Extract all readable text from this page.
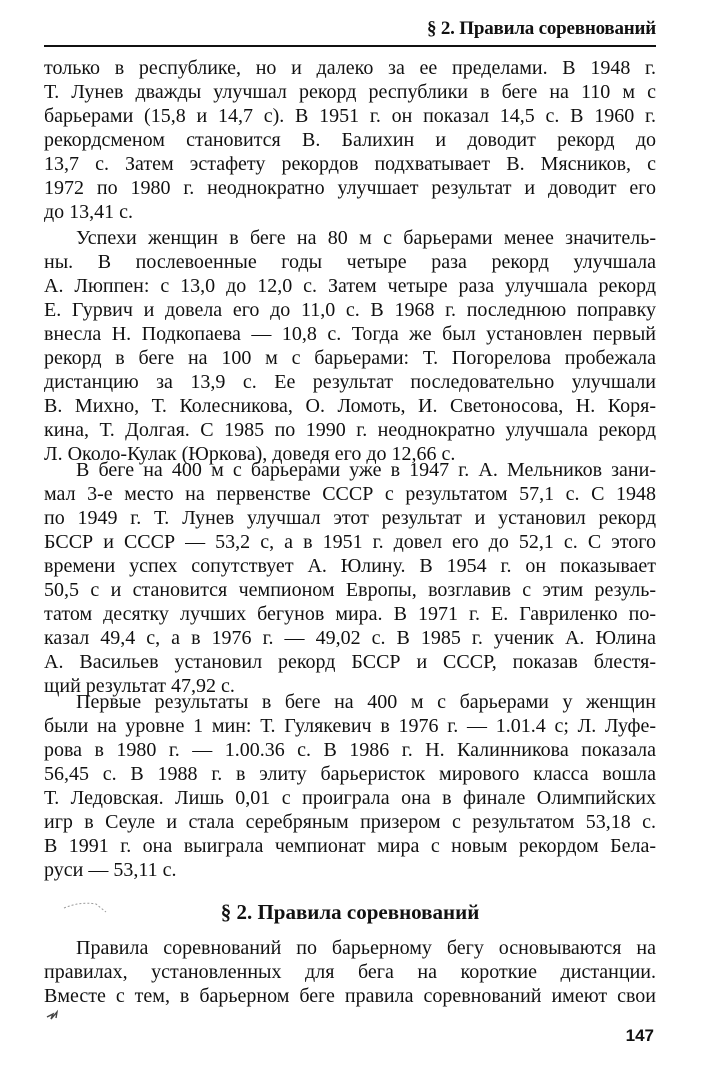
§ 2. Правила соревнований
только в республике, но и далеко за ее пределами. В 1948 г.
Т. Лунев дважды улучшал рекорд республики в беге на 110 м с
барьерами (15,8 и 14,7 с). В 1951 г. он показал 14,5 с. В 1960 г.
рекордсменом становится В. Балихин и доводит рекорд до
13,7 с. Затем эстафету рекордов подхватывает В. Мясников, с
1972 по 1980 г. неоднократно улучшает результат и доводит его
до 13,41 с.
Успехи женщин в беге на 80 м с барьерами менее значитель-
ны. В послевоенные годы четыре раза рекорд улучшала
А. Люппен: с 13,0 до 12,0 с. Затем четыре раза улучшала рекорд
Е. Гурвич и довела его до 11,0 с. В 1968 г. последнюю поправку
внесла Н. Подкопаева — 10,8 с. Тогда же был установлен первый
рекорд в беге на 100 м с барьерами: Т. Погорелова пробежала
дистанцию за 13,9 с. Ее результат последовательно улучшали
В. Михно, Т. Колесникова, О. Ломоть, И. Светоносова, Н. Коря-
кина, Т. Долгая. С 1985 по 1990 г. неоднократно улучшала рекорд
Л. Около-Кулак (Юркова), доведя его до 12,66 с.
В беге на 400 м с барьерами уже в 1947 г. А. Мельников зани-
мал 3-е место на первенстве СССР с результатом 57,1 с. С 1948
по 1949 г. Т. Лунев улучшал этот результат и установил рекорд
БССР и СССР — 53,2 с, а в 1951 г. довел его до 52,1 с. С этого
времени успех сопутствует А. Юлину. В 1954 г. он показывает
50,5 с и становится чемпионом Европы, возглавив с этим резуль-
татом десятку лучших бегунов мира. В 1971 г. Е. Гавриленко по-
казал 49,4 с, а в 1976 г. — 49,02 с. В 1985 г. ученик А. Юлина
А. Васильев установил рекорд БССР и СССР, показав блестя-
щий результат 47,92 с.
Первые результаты в беге на 400 м с барьерами у женщин
были на уровне 1 мин: Т. Гулякевич в 1976 г. — 1.01.4 с; Л. Луфе-
рова в 1980 г. — 1.00.36 с. В 1986 г. Н. Калинникова показала
56,45 с. В 1988 г. в элиту барьеристок мирового класса вошла
Т. Ледовская. Лишь 0,01 с проиграла она в финале Олимпийских
игр в Сеуле и стала серебряным призером с результатом 53,18 с.
В 1991 г. она выиграла чемпионат мира с новым рекордом Бела-
руси — 53,11 с.
§ 2. Правила соревнований
Правила соревнований по барьерному бегу основываются на
правилах, установленных для бега на короткие дистанции.
Вместе с тем, в барьерном беге правила соревнований имеют свои
147
